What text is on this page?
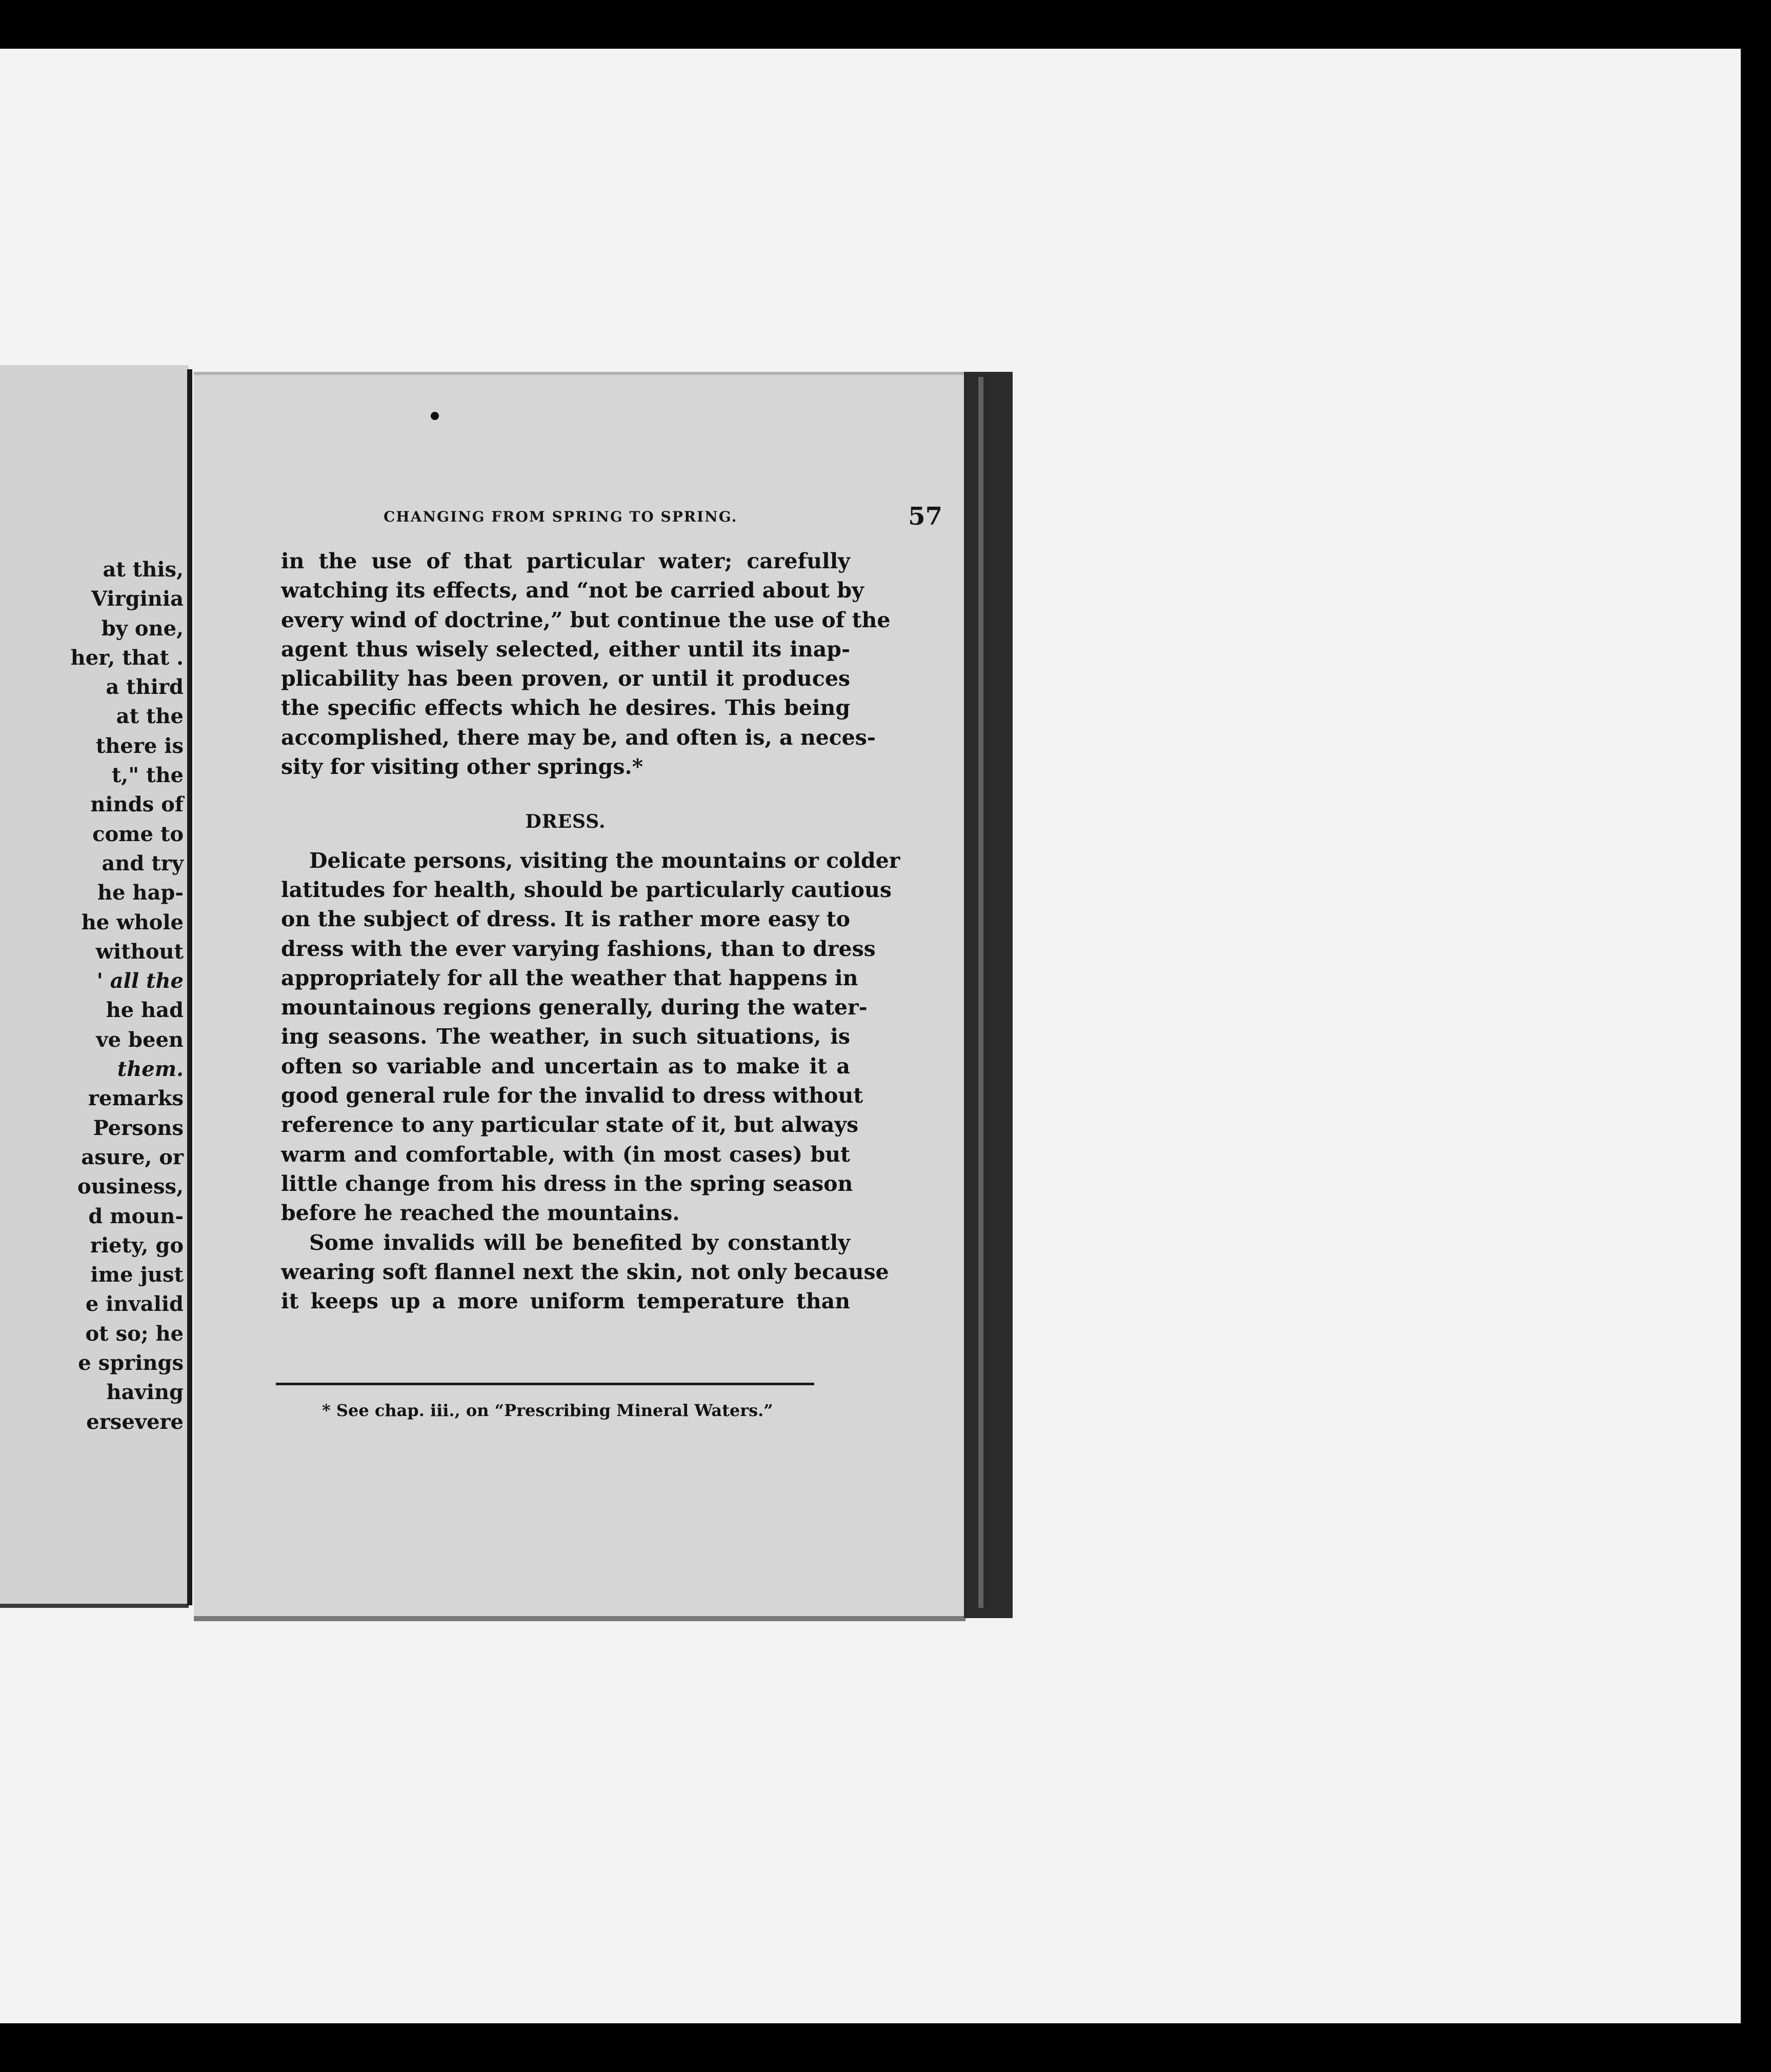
at this,
Virginia
by one,
her, that .
a third
at the
there is
t," the
ninds of
come to
and try
he hap-
he whole
without
' all the
he had
ve been
them.
remarks
Persons
asure, or
ousiness,
d moun-
riety, go
ime just
e invalid
ot so; he
e springs
having
ersevere
CHANGING FROM SPRING TO SPRING.	57
in the use of that particular water; carefully
watching its effects, and “not be carried about by
every wind of doctrine,” but continue the use of the
agent thus wisely selected, either until its inap-
plicability has been proven, or until it produces
the specific effects which he desires. This being
accomplished, there may be, and often is, a neces-
sity for visiting other springs.*
DRESS.
Delicate persons, visiting the mountains or colder
latitudes for health, should be particularly cautious
on the subject of dress. It is rather more easy to
dress with the ever varying fashions, than to dress
appropriately for all the weather that happens in
mountainous regions generally, during the water-
ing seasons. The weather, in such situations, is
often so variable and uncertain as to make it a
good general rule for the invalid to dress without
reference to any particular state of it, but always
warm and comfortable, with (in most cases) but
little change from his dress in the spring season
before he reached the mountains.
Some invalids will be benefited by constantly
wearing soft flannel next the skin, not only because
it keeps up a more uniform temperature than
* See chap. iii., on “Prescribing Mineral Waters.”
